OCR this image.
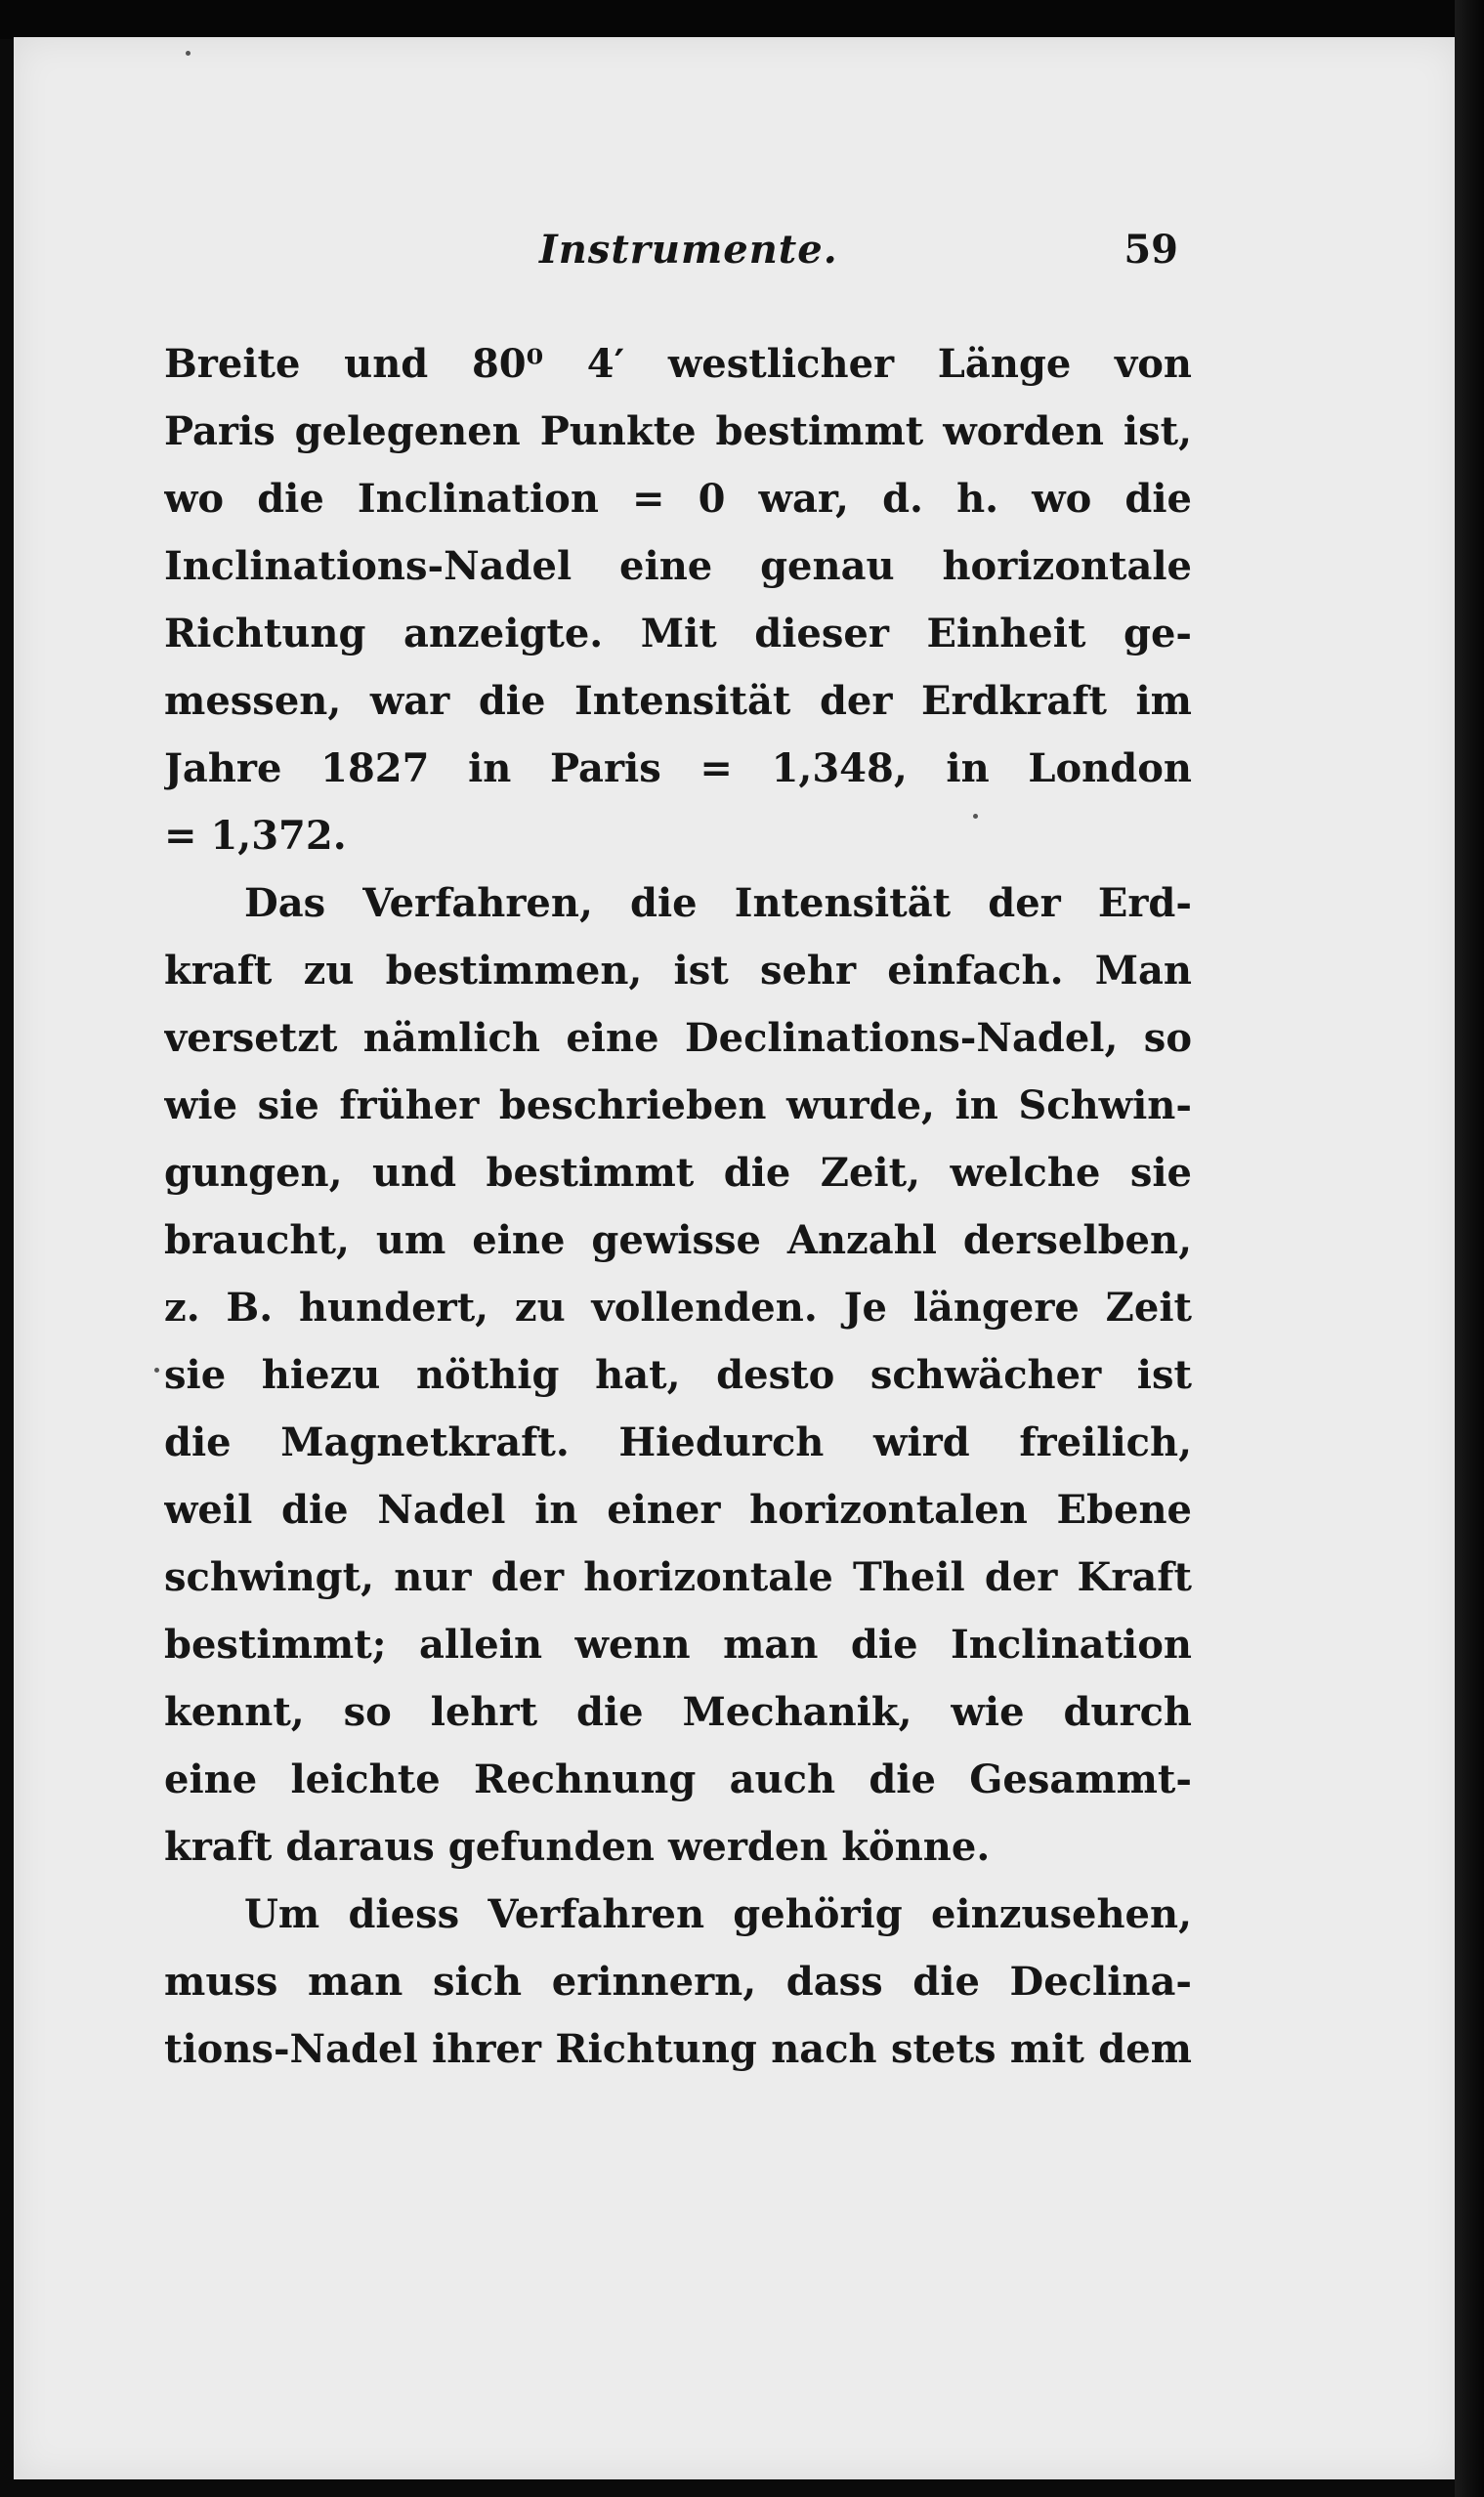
Instrumente.	59
Breite und 80⁰ 4′ westlicher Länge von
Paris gelegenen Punkte bestimmt worden ist,
wo die Inclination = 0 war, d. h. wo die
Inclinations-Nadel eine genau horizontale
Richtung anzeigte. Mit dieser Einheit ge-
messen, war die Intensität der Erdkraft im
Jahre 1827 in Paris = 1,348, in London
= 1,372.
Das Verfahren, die Intensität der Erd-
kraft zu bestimmen, ist sehr einfach. Man
versetzt nämlich eine Declinations-Nadel, so
wie sie früher beschrieben wurde, in Schwin-
gungen, und bestimmt die Zeit, welche sie
braucht, um eine gewisse Anzahl derselben,
z. B. hundert, zu vollenden. Je längere Zeit
sie hiezu nöthig hat, desto schwächer ist
die Magnetkraft. Hiedurch wird freilich,
weil die Nadel in einer horizontalen Ebene
schwingt, nur der horizontale Theil der Kraft
bestimmt; allein wenn man die Inclination
kennt, so lehrt die Mechanik, wie durch
eine leichte Rechnung auch die Gesammt-
kraft daraus gefunden werden könne.
Um diess Verfahren gehörig einzusehen,
muss man sich erinnern, dass die Declina-
tions-Nadel ihrer Richtung nach stets mit dem
